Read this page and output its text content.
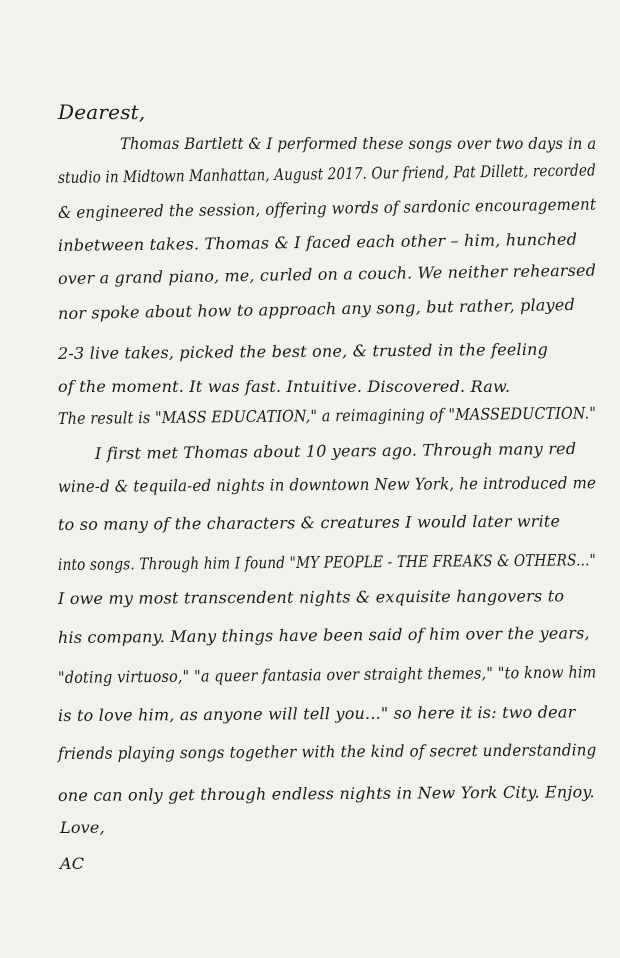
Dearest,
Thomas Bartlett & I performed these songs over two days in a
studio in Midtown Manhattan, August 2017. Our friend, Pat Dillett, recorded
& engineered the session, offering words of sardonic encouragement
inbetween takes. Thomas & I faced each other – him, hunched
over a grand piano, me, curled on a couch. We neither rehearsed
nor spoke about how to approach any song, but rather, played
2-3 live takes, picked the best one, & trusted in the feeling
of the moment. It was fast. Intuitive. Discovered. Raw.
The result is "MASS EDUCATION," a reimagining of "MASSEDUCTION."
I first met Thomas about 10 years ago. Through many red
wine-d & tequila-ed nights in downtown New York, he introduced me
to so many of the characters & creatures I would later write
into songs. Through him I found "MY PEOPLE - THE FREAKS & OTHERS..."
I owe my most transcendent nights & exquisite hangovers to
his company. Many things have been said of him over the years,
"doting virtuoso," "a queer fantasia over straight themes," "to know him
is to love him, as anyone will tell you..." so here it is: two dear
friends playing songs together with the kind of secret understanding
one can only get through endless nights in New York City. Enjoy.
Love,
AC
